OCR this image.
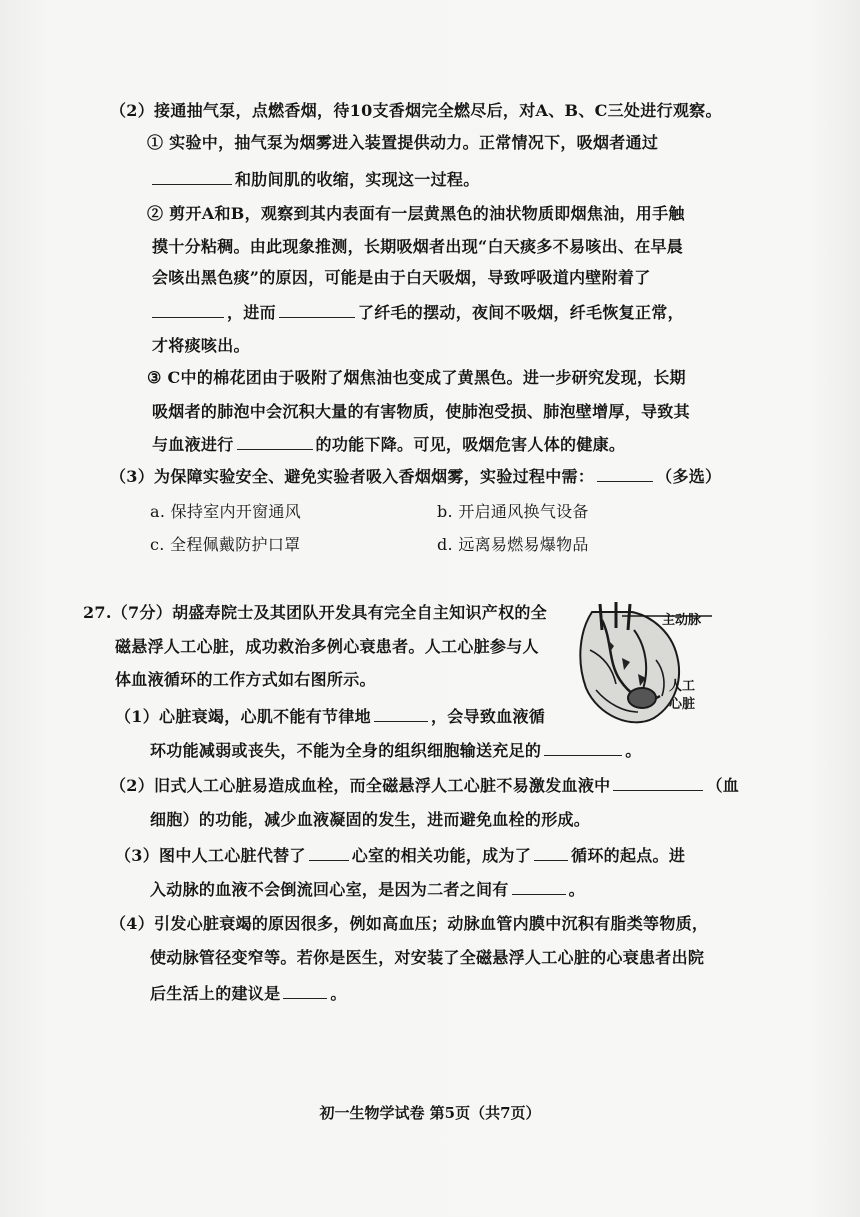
（2）接通抽气泵，点燃香烟，待10支香烟完全燃尽后，对A、B、C三处进行观察。
① 实验中，抽气泵为烟雾进入装置提供动力。正常情况下，吸烟者通过
和肋间肌的收缩，实现这一过程。
② 剪开A和B，观察到其内表面有一层黄黑色的油状物质即烟焦油，用手触
摸十分粘稠。由此现象推测，长期吸烟者出现“白天痰多不易咳出、在早晨
会咳出黑色痰”的原因，可能是由于白天吸烟，导致呼吸道内壁附着了
，进而	了纤毛的摆动，夜间不吸烟，纤毛恢复正常，
才将痰咳出。
③ C中的棉花团由于吸附了烟焦油也变成了黄黑色。进一步研究发现，长期
吸烟者的肺泡中会沉积大量的有害物质，使肺泡受损、肺泡壁增厚，导致其
与血液进行	的功能下降。可见，吸烟危害人体的健康。
（3）为保障实验安全、避免实验者吸入香烟烟雾，实验过程中需：	（多选）
a. 保持室内开窗通风	b. 开启通风换气设备
c. 全程佩戴防护口罩	d. 远离易燃易爆物品
27.（7分）胡盛寿院士及其团队开发具有完全自主知识产权的全
磁悬浮人工心脏，成功救治多例心衰患者。人工心脏参与人
体血液循环的工作方式如右图所示。
主动脉
人工
心脏
（1）心脏衰竭，心肌不能有节律地	，会导致血液循
环功能减弱或丧失，不能为全身的组织细胞输送充足的	。
（2）旧式人工心脏易造成血栓，而全磁悬浮人工心脏不易激发血液中	（血
细胞）的功能，减少血液凝固的发生，进而避免血栓的形成。
（3）图中人工心脏代替了	心室的相关功能，成为了	循环的起点。进
入动脉的血液不会倒流回心室，是因为二者之间有	。
（4）引发心脏衰竭的原因很多，例如高血压；动脉血管内膜中沉积有脂类等物质，
使动脉管径变窄等。若你是医生，对安装了全磁悬浮人工心脏的心衰患者出院
后生活上的建议是	。
初一生物学试卷 第5页（共7页）
